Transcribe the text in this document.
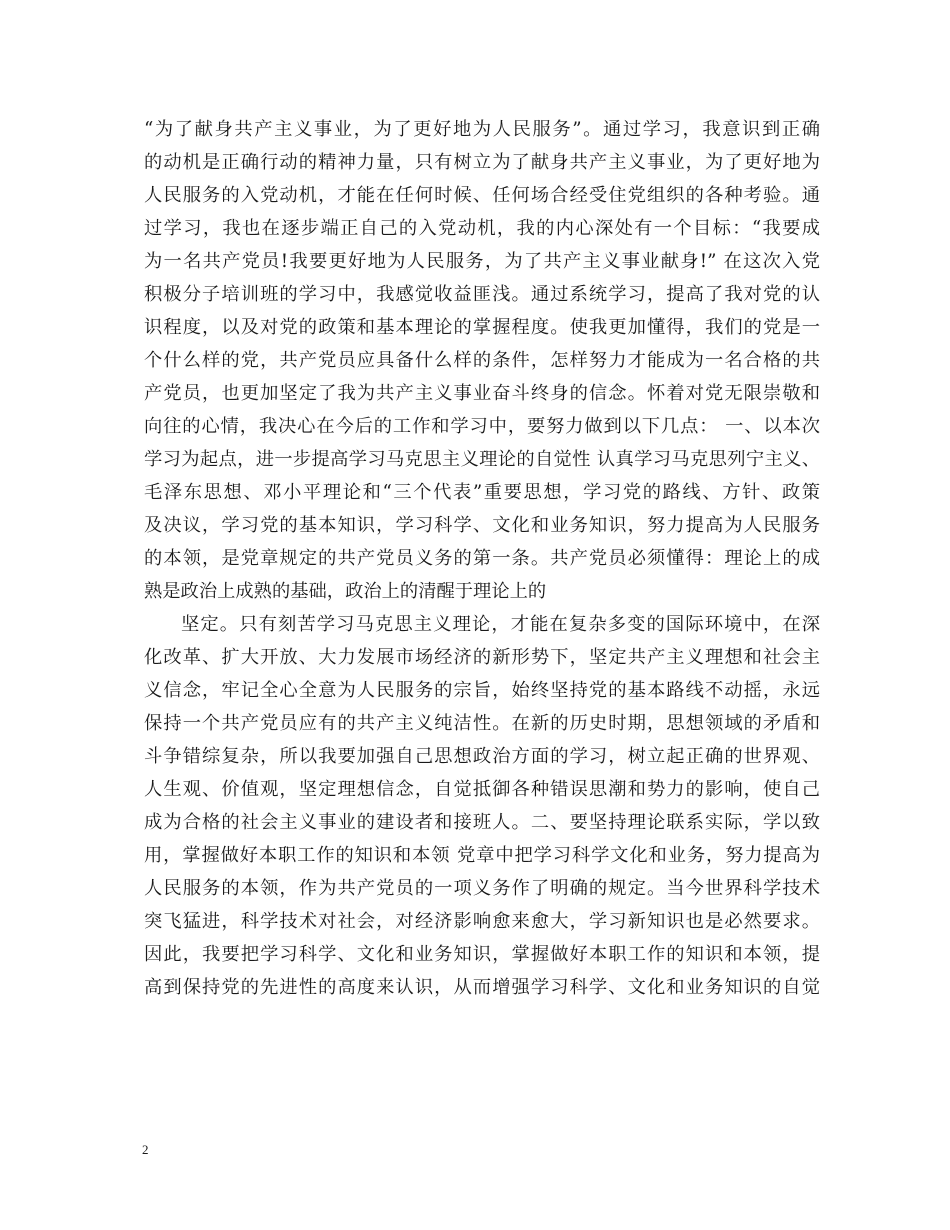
“为了献身共产主义事业，为了更好地为人民服务”。通过学习，我意识到正确
的动机是正确行动的精神力量，只有树立为了献身共产主义事业，为了更好地为
人民服务的入党动机，才能在任何时候、任何场合经受住党组织的各种考验。通
过学习，我也在逐步端正自己的入党动机，我的内心深处有一个目标：“我要成
为一名共产党员!我要更好地为人民服务，为了共产主义事业献身!” 在这次入党
积极分子培训班的学习中，我感觉收益匪浅。通过系统学习，提高了我对党的认
识程度，以及对党的政策和基本理论的掌握程度。使我更加懂得，我们的党是一
个什么样的党，共产党员应具备什么样的条件，怎样努力才能成为一名合格的共
产党员，也更加坚定了我为共产主义事业奋斗终身的信念。怀着对党无限崇敬和
向往的心情，我决心在今后的工作和学习中，要努力做到以下几点： 一、以本次
学习为起点，进一步提高学习马克思主义理论的自觉性 认真学习马克思列宁主义、
毛泽东思想、邓小平理论和“三个代表”重要思想，学习党的路线、方针、政策
及决议，学习党的基本知识，学习科学、文化和业务知识，努力提高为人民服务
的本领，是党章规定的共产党员义务的第一条。共产党员必须懂得：理论上的成
熟是政治上成熟的基础，政治上的清醒于理论上的
坚定。只有刻苦学习马克思主义理论，才能在复杂多变的国际环境中，在深
化改革、扩大开放、大力发展市场经济的新形势下，坚定共产主义理想和社会主
义信念，牢记全心全意为人民服务的宗旨，始终坚持党的基本路线不动摇，永远
保持一个共产党员应有的共产主义纯洁性。在新的历史时期，思想领域的矛盾和
斗争错综复杂，所以我要加强自己思想政治方面的学习，树立起正确的世界观、
人生观、价值观，坚定理想信念，自觉抵御各种错误思潮和势力的影响，使自己
成为合格的社会主义事业的建设者和接班人。二、要坚持理论联系实际，学以致
用，掌握做好本职工作的知识和本领 党章中把学习科学文化和业务，努力提高为
人民服务的本领，作为共产党员的一项义务作了明确的规定。当今世界科学技术
突飞猛进，科学技术对社会，对经济影响愈来愈大，学习新知识也是必然要求。
因此，我要把学习科学、文化和业务知识，掌握做好本职工作的知识和本领，提
高到保持党的先进性的高度来认识，从而增强学习科学、文化和业务知识的自觉
2
